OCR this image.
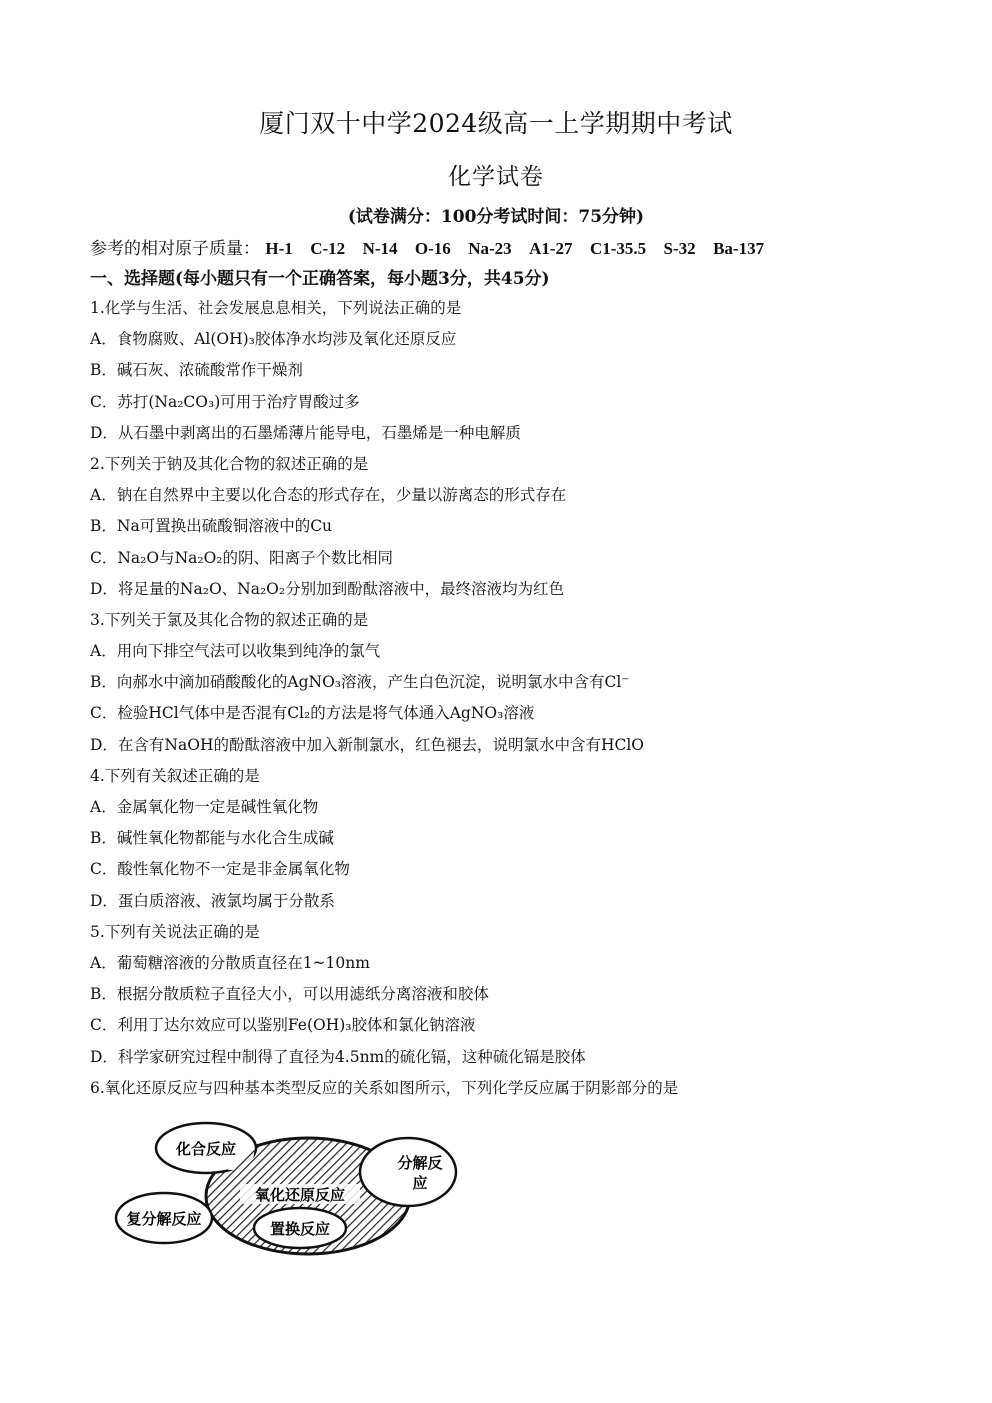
厦门双十中学2024级高一上学期期中考试
化学试卷
(试卷满分：100分考试时间：75分钟)
参考的相对原子质量： H-1 C-12 N-14 O-16 Na-23 A1-27 C1-35.5 S-32 Ba-137
一、选择题(每小题只有一个正确答案，每小题3分，共45分)
1.化学与生活、社会发展息息相关，下列说法正确的是
A．食物腐败、Al(OH)₃胶体净水均涉及氧化还原反应
B．碱石灰、浓硫酸常作干燥剂
C．苏打(Na₂CO₃)可用于治疗胃酸过多
D．从石墨中剥离出的石墨烯薄片能导电，石墨烯是一种电解质
2.下列关于钠及其化合物的叙述正确的是
A．钠在自然界中主要以化合态的形式存在，少量以游离态的形式存在
B．Na可置换出硫酸铜溶液中的Cu
C．Na₂O与Na₂O₂的阴、阳离子个数比相同
D．将足量的Na₂O、Na₂O₂分别加到酚酞溶液中，最终溶液均为红色
3.下列关于氯及其化合物的叙述正确的是
A．用向下排空气法可以收集到纯净的氯气
B．向郝水中滴加硝酸酸化的AgNO₃溶液，产生白色沉淀，说明氯水中含有Cl⁻
C．检验HCl气体中是否混有Cl₂的方法是将气体通入AgNO₃溶液
D．在含有NaOH的酚酞溶液中加入新制氯水，红色褪去，说明氯水中含有HClO
4.下列有关叙述正确的是
A．金属氧化物一定是碱性氧化物
B．碱性氧化物都能与水化合生成碱
C．酸性氧化物不一定是非金属氧化物
D．蛋白质溶液、液氯均属于分散系
5.下列有关说法正确的是
A．葡萄糖溶液的分散质直径在1~10nm
B．根据分散质粒子直径大小，可以用滤纸分离溶液和胶体
C．利用丁达尔效应可以鉴别Fe(OH)₃胶体和氯化钠溶液
D．科学家研究过程中制得了直径为4.5nm的硫化镉，这种硫化镉是胶体
6.氧化还原反应与四种基本类型反应的关系如图所示，下列化学反应属于阴影部分的是
化合反应
分解反
应
氧化还原反应
置换反应
复分解反应
